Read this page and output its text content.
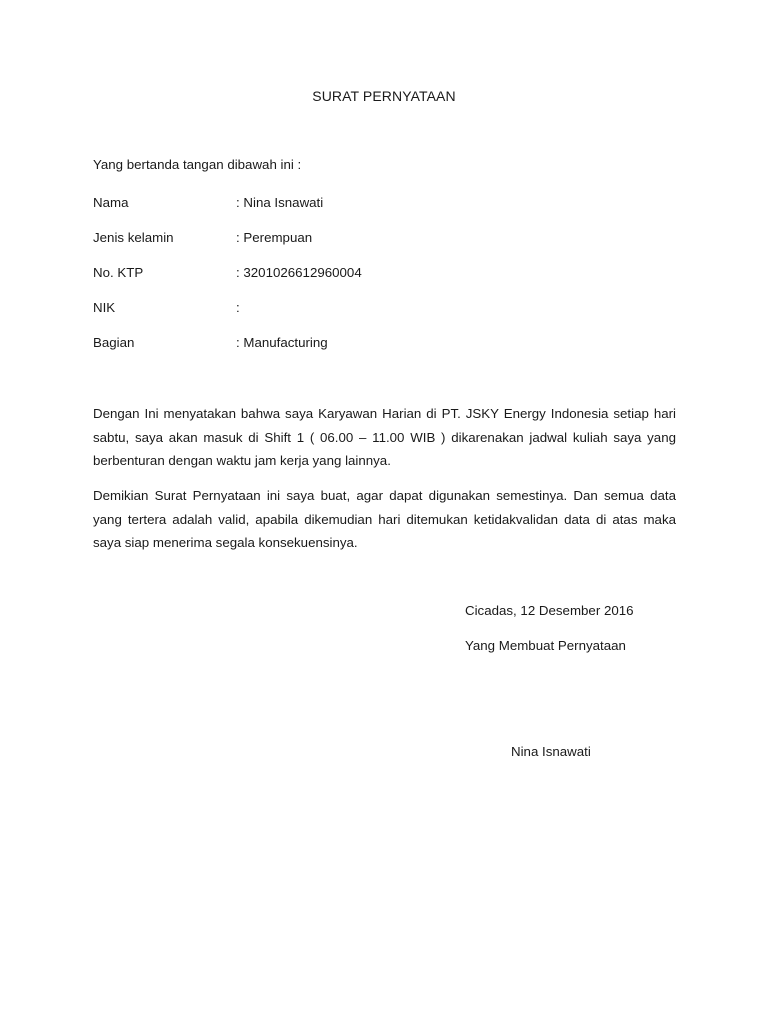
SURAT PERNYATAAN
Yang bertanda tangan dibawah ini :
Nama	: Nina Isnawati
Jenis kelamin	: Perempuan
No. KTP	: 3201026612960004
NIK	:
Bagian	: Manufacturing
Dengan Ini menyatakan bahwa saya Karyawan Harian di PT. JSKY Energy Indonesia setiap hari sabtu, saya akan masuk di Shift 1 ( 06.00 – 11.00 WIB ) dikarenakan jadwal kuliah saya yang berbenturan dengan waktu jam kerja yang lainnya.
Demikian Surat Pernyataan ini saya buat, agar dapat digunakan semestinya. Dan semua data yang tertera adalah valid, apabila dikemudian hari ditemukan ketidakvalidan data di atas maka saya siap menerima segala konsekuensinya.
Cicadas, 12 Desember 2016
Yang Membuat Pernyataan
Nina Isnawati
